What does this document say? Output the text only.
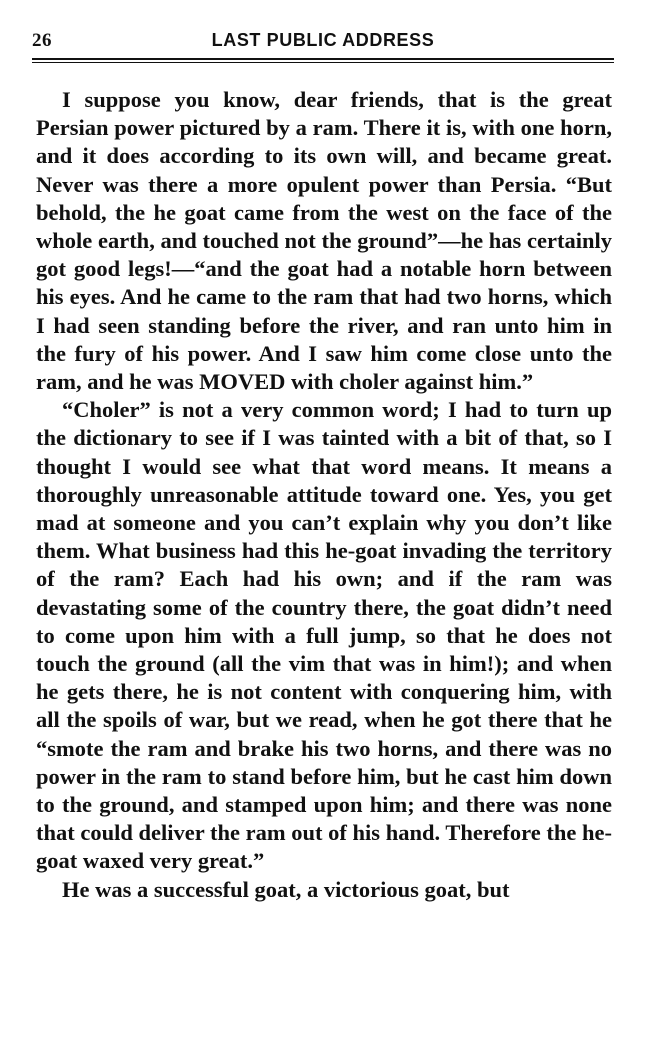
26	LAST PUBLIC ADDRESS

I suppose you know, dear friends, that is the great Persian power pictured by a ram. There it is, with one horn, and it does according to its own will, and became great. Never was there a more opulent power than Persia. “But behold, the he goat came from the west on the face of the whole earth, and touched not the ground”—he has certainly got good legs!—“and the goat had a notable horn between his eyes. And he came to the ram that had two horns, which I had seen standing before the river, and ran unto him in the fury of his power. And I saw him come close unto the ram, and he was MOVED with choler against him.”

“Choler” is not a very common word; I had to turn up the dictionary to see if I was tainted with a bit of that, so I thought I would see what that word means. It means a thoroughly unreasonable attitude toward one. Yes, you get mad at someone and you can’t explain why you don’t like them. What business had this he-goat invading the territory of the ram? Each had his own; and if the ram was devastating some of the country there, the goat didn’t need to come upon him with a full jump, so that he does not touch the ground (all the vim that was in him!); and when he gets there, he is not content with conquering him, with all the spoils of war, but we read, when he got there that he “smote the ram and brake his two horns, and there was no power in the ram to stand before him, but he cast him down to the ground, and stamped upon him; and there was none that could deliver the ram out of his hand. Therefore the he-goat waxed very great.”

He was a successful goat, a victorious goat, but
